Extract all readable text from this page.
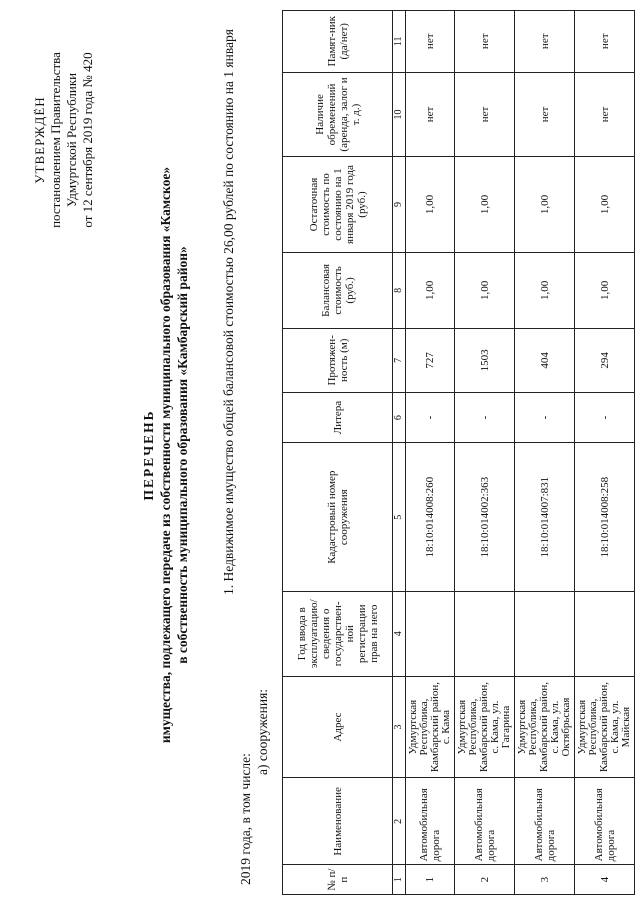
УТВЕРЖДЁН постановлением Правительства Удмуртской Республики от 12 сентября 2019 года № 420
ПЕРЕЧЕНЬ имущества, подлежащего передаче из собственности муниципального образования «Камское» в собственность муниципального образования «Камбарский район» 1. Недвижимое имущество общей балансовой стоимостью 26,00 рублей по состоянию на 1 января 2019 года, в том числе:
а) сооружения:
№ п/п	Наименование	Адрес	Год ввода в эксплуатацию/ сведения о государствен-ной регистрации прав на него	Кадастровый номер сооружения	Литера	Протяжен-ность (м)	Балансовая стоимость (руб.)	Остаточная стоимость по состоянию на 1 января 2019 года (руб.)	Наличие обременений (аренда, залог и т. д.)	Памят-ник (да/нет)
1	2	3	4	5	6	7	8	9	10	11
1	Автомобильная дорога	Удмуртская Республика, Камбарский район, с. Кама		18:10:014008:260	-	727	1,00	1,00	нет	нет
2	Автомобильная дорога	Удмуртская Республика, Камбарский район, с. Кама, ул. Гагарина		18:10:014002:363	-	1503	1,00	1,00	нет	нет
3	Автомобильная дорога	Удмуртская Республика, Камбарский район, с. Кама, ул. Октябрьская		18:10:014007:831	-	404	1,00	1,00	нет	нет
4	Автомобильная дорога	Удмуртская Республика, Камбарский район, с. Кама, ул. Майская		18:10:014008:258	-	294	1,00	1,00	нет	нет
